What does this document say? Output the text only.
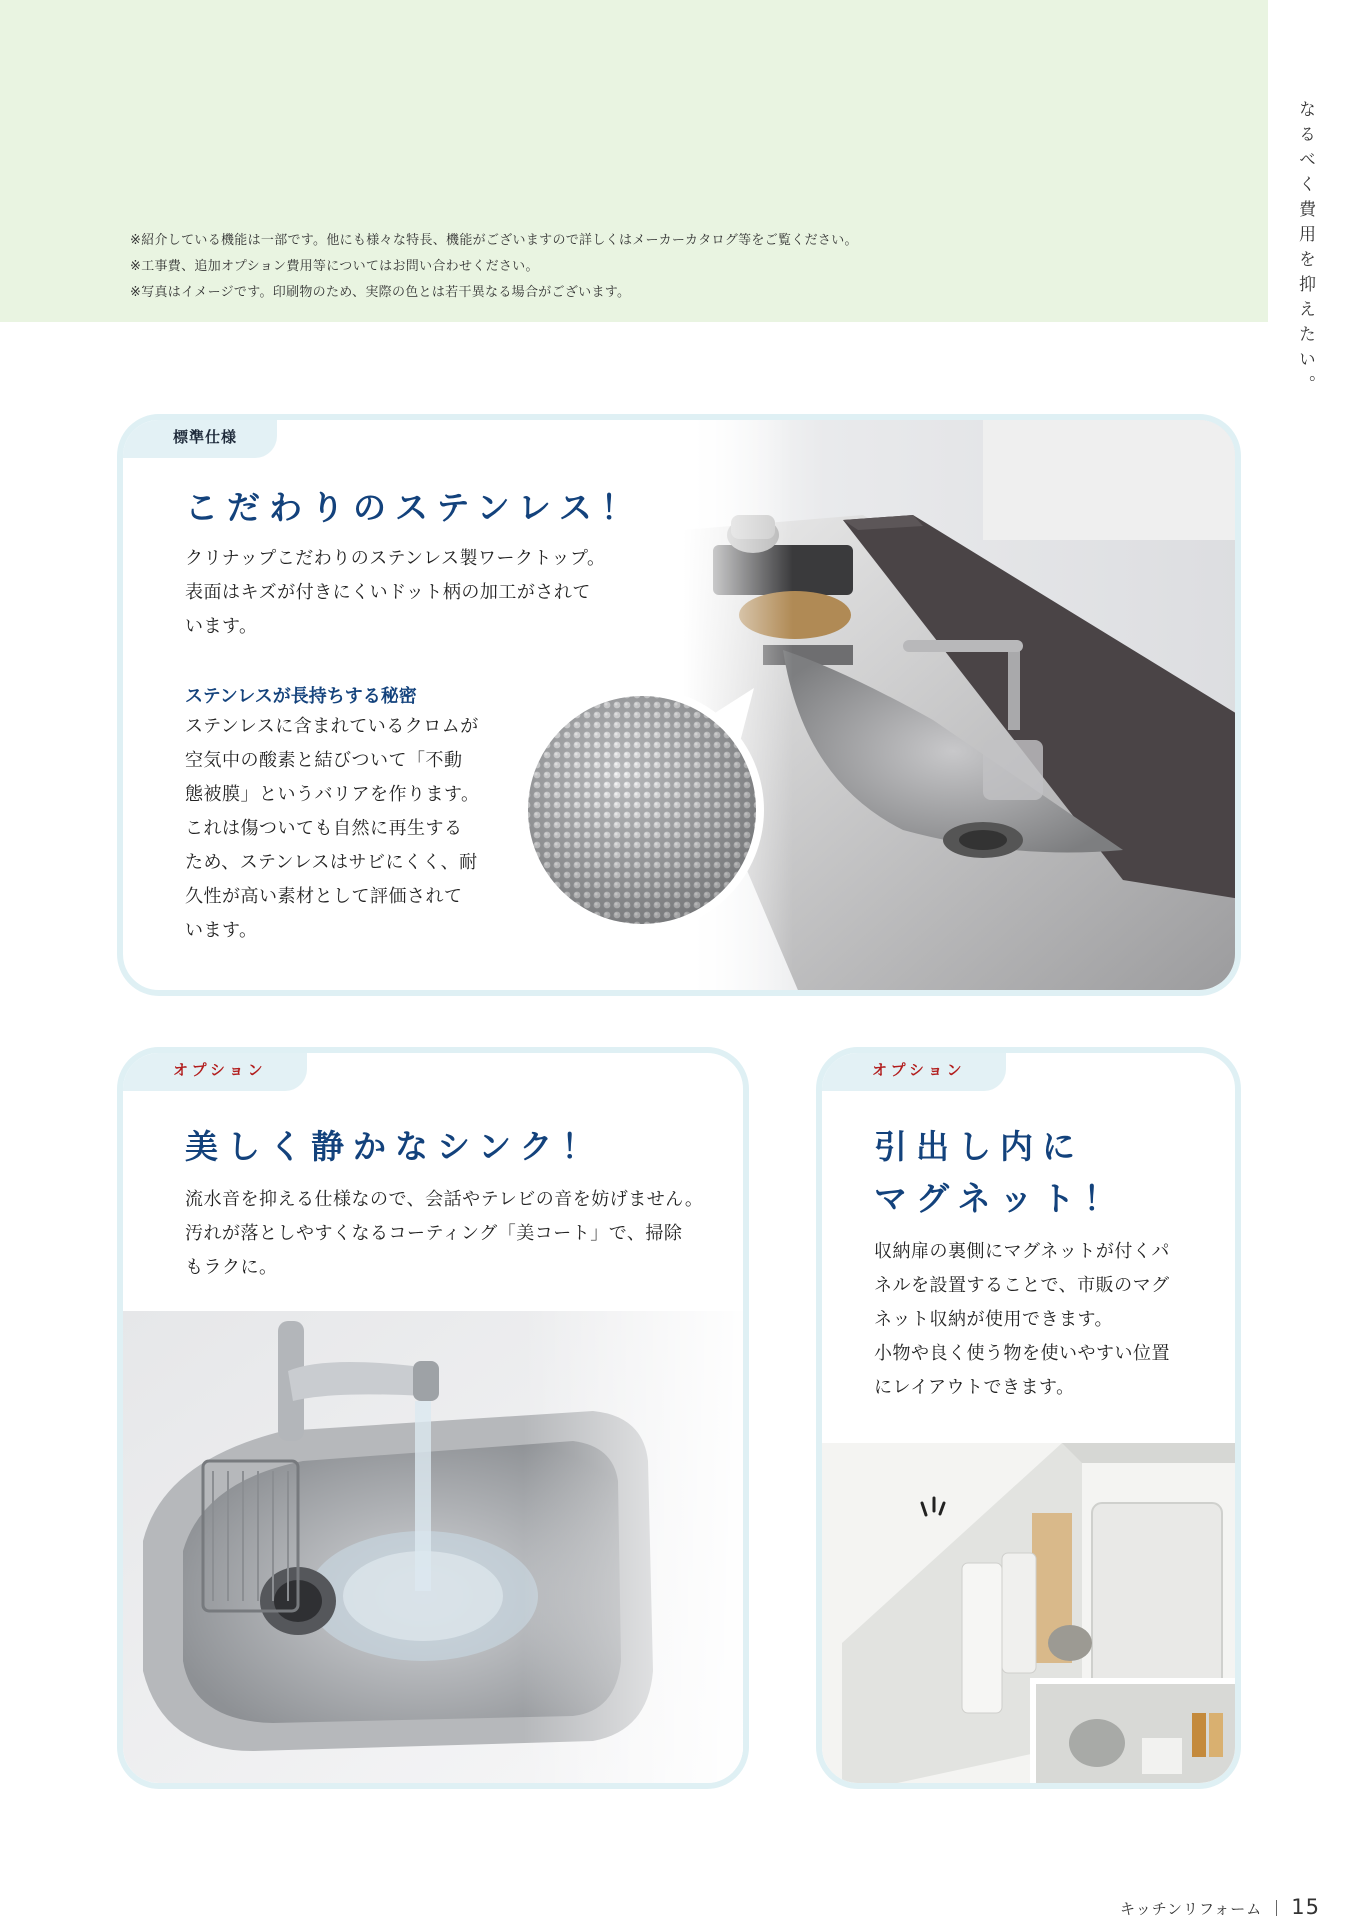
※紹介している機能は一部です。他にも様々な特長、機能がございますので詳しくはメーカーカタログ等をご覧ください。

※工事費、追加オプション費用等についてはお問い合わせください。

※写真はイメージです。印刷物のため、実際の色とは若干異なる場合がございます。	なるべく費用を抑えたい。
標準仕様
こだわりのステンレス！
クリナップこだわりのステンレス製ワークトップ。
表面はキズが付きにくいドット柄の加工がされて
います。
ステンレスが長持ちする秘密
ステンレスに含まれているクロムが
空気中の酸素と結びついて「不動
態被膜」というバリアを作ります。
これは傷ついても自然に再生する
ため、ステンレスはサビにくく、耐
久性が高い素材として評価されて
います。
オプション
美しく静かなシンク！
流水音を抑える仕様なので、会話やテレビの音を妨げません。
汚れが落としやすくなるコーティング「美コート」で、掃除
もラクに。
オプション
引出し内に
マグネット！
収納扉の裏側にマグネットが付くパ
ネルを設置することで、市販のマグ
ネット収納が使用できます。
小物や良く使う物を使いやすい位置
にレイアウトできます。
キッチンリフォーム 15
